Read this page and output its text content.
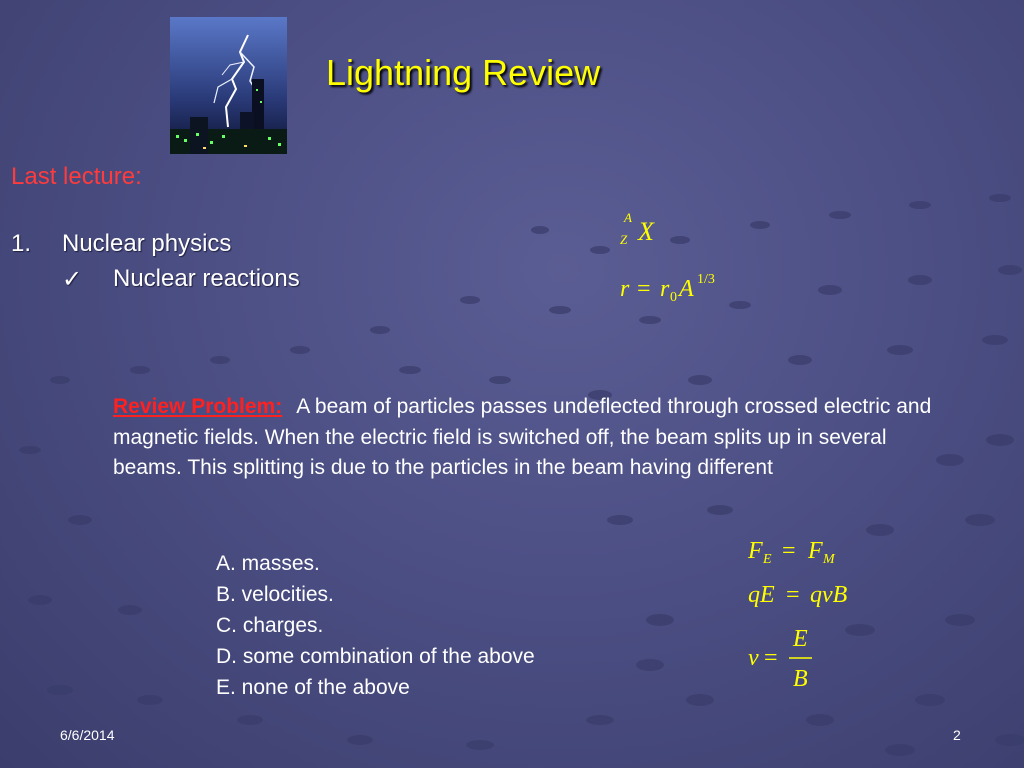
Lightning Review
Last lecture:
1. Nuclear physics
✓ Nuclear reactions
A
Z X
r = r 0 A 1/3
Review Problem: A beam of particles passes undeflected through crossed electric and magnetic fields. When the electric field is switched off, the beam splits up in several beams. This splitting is due to the particles in the beam having different
A. masses.
B. velocities.
C. charges.
D. some combination of the above
E. none of the above
F E = F M
qE = qvB
v =
E
B
6/6/2014	2
